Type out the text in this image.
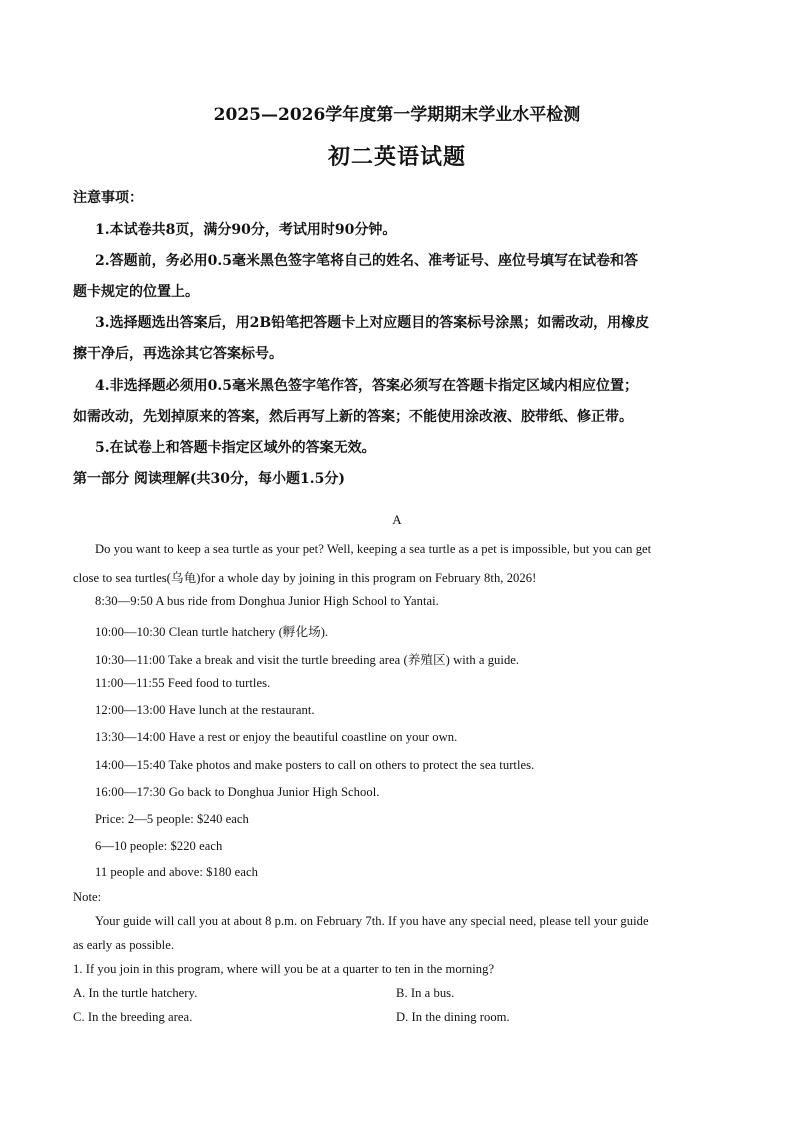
2025—2026学年度第一学期期末学业水平检测
初二英语试题
注意事项：
1.本试卷共8页，满分90分，考试用时90分钟。
2.答题前，务必用0.5毫米黑色签字笔将自己的姓名、准考证号、座位号填写在试卷和答
题卡规定的位置上。
3.选择题选出答案后，用2B铅笔把答题卡上对应题目的答案标号涂黑；如需改动，用橡皮
擦干净后，再选涂其它答案标号。
4.非选择题必须用0.5毫米黑色签字笔作答，答案必须写在答题卡指定区域内相应位置；
如需改动，先划掉原来的答案，然后再写上新的答案；不能使用涂改液、胶带纸、修正带。
5.在试卷上和答题卡指定区域外的答案无效。
第一部分 阅读理解(共30分，每小题1.5分)
A
Do you want to keep a sea turtle as your pet? Well, keeping a sea turtle as a pet is impossible, but you can get
close to sea turtles(乌龟)for a whole day by joining in this program on February 8th, 2026!
8:30—9:50 A bus ride from Donghua Junior High School to Yantai.
10:00—10:30 Clean turtle hatchery (孵化场).
10:30—11:00 Take a break and visit the turtle breeding area (养殖区) with a guide.
11:00—11:55 Feed food to turtles.
12:00—13:00 Have lunch at the restaurant.
13:30—14:00 Have a rest or enjoy the beautiful coastline on your own.
14:00—15:40 Take photos and make posters to call on others to protect the sea turtles.
16:00—17:30 Go back to Donghua Junior High School.
Price: 2—5 people: $240 each
6—10 people: $220 each
11 people and above: $180 each
Note:
Your guide will call you at about 8 p.m. on February 7th. If you have any special need, please tell your guide
as early as possible.
1. If you join in this program, where will you be at a quarter to ten in the morning?
A. In the turtle hatchery.	B. In a bus.
C. In the breeding area.	D. In the dining room.
